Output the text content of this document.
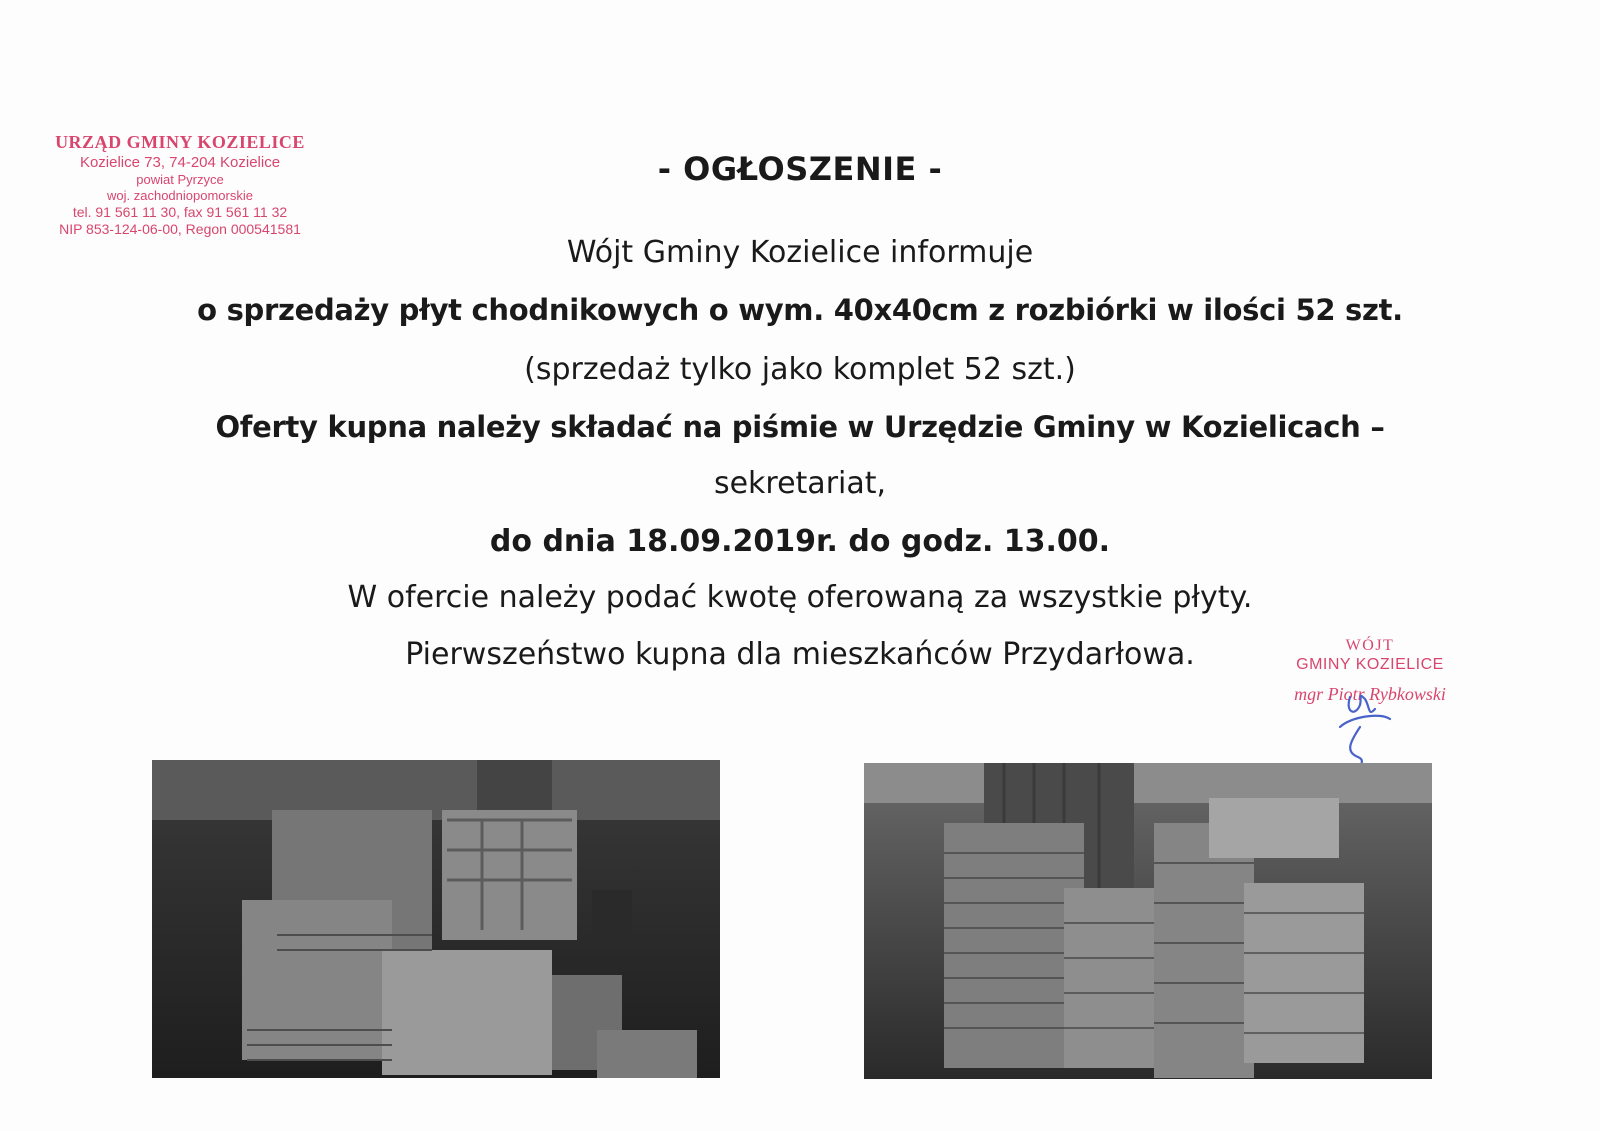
URZĄD GMINY KOZIELICE
Kozielice 73, 74-204 Kozielice
powiat Pyrzyce
woj. zachodniopomorskie
tel. 91 561 11 30, fax 91 561 11 32
NIP 853-124-06-00, Regon 000541581
- OGŁOSZENIE -
Wójt Gminy Kozielice informuje
o sprzedaży płyt chodnikowych o wym. 40x40cm z rozbiórki w ilości 52 szt.
(sprzedaż tylko jako komplet 52 szt.)
Oferty kupna należy składać na piśmie w Urzędzie Gminy w Kozielicach –
sekretariat,
do dnia 18.09.2019r. do godz. 13.00.
W ofercie należy podać kwotę oferowaną za wszystkie płyty.
Pierwszeństwo kupna dla mieszkańców Przydarłowa.	WÓJT
GMINY KOZIELICE
mgr Piotr Rybkowski
